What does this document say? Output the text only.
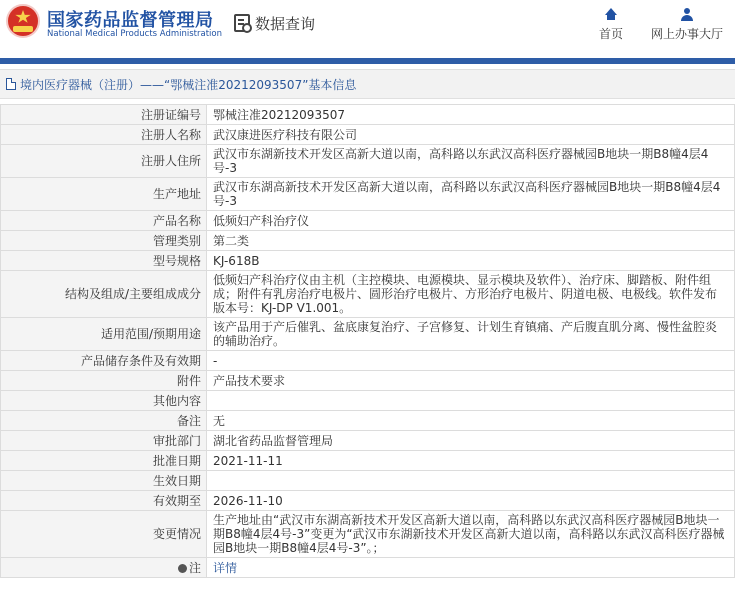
国家药品监督管理局
National Medical Products Administration
数据查询
首页	网上办事大厅
境内医疗器械（注册）——“鄂械注准20212093507”基本信息
注册证编号	鄂械注准20212093507
注册人名称	武汉康进医疗科技有限公司
注册人住所	武汉市东湖新技术开发区高新大道以南，高科路以东武汉高科医疗器械园B地块一期B8幢4层4号-3
生产地址	武汉市东湖高新技术开发区高新大道以南，高科路以东武汉高科医疗器械园B地块一期B8幢4层4号-3
产品名称	低频妇产科治疗仪
管理类别	第二类
型号规格	KJ-618B
结构及组成/主要组成成分	低频妇产科治疗仪由主机（主控模块、电源模块、显示模块及软件）、治疗床、脚踏板、附件组成；附件有乳房治疗电极片、圆形治疗电极片、方形治疗电极片、阴道电极、电极线。软件发布版本号：KJ-DP V1.001。
适用范围/预期用途	该产品用于产后催乳、盆底康复治疗、子宫修复、计划生育镇痛、产后腹直肌分离、慢性盆腔炎的辅助治疗。
产品储存条件及有效期	-
附件	产品技术要求
其他内容	
备注	无
审批部门	湖北省药品监督管理局
批准日期	2021-11-11
生效日期	
有效期至	2026-11-10
变更情况	生产地址由“武汉市东湖高新技术开发区高新大道以南，高科路以东武汉高科医疗器械园B地块一期B8幢4层4号-3”变更为“武汉市东湖新技术开发区高新大道以南，高科路以东武汉高科医疗器械园B地块一期B8幢4层4号-3”。；
注	详情
